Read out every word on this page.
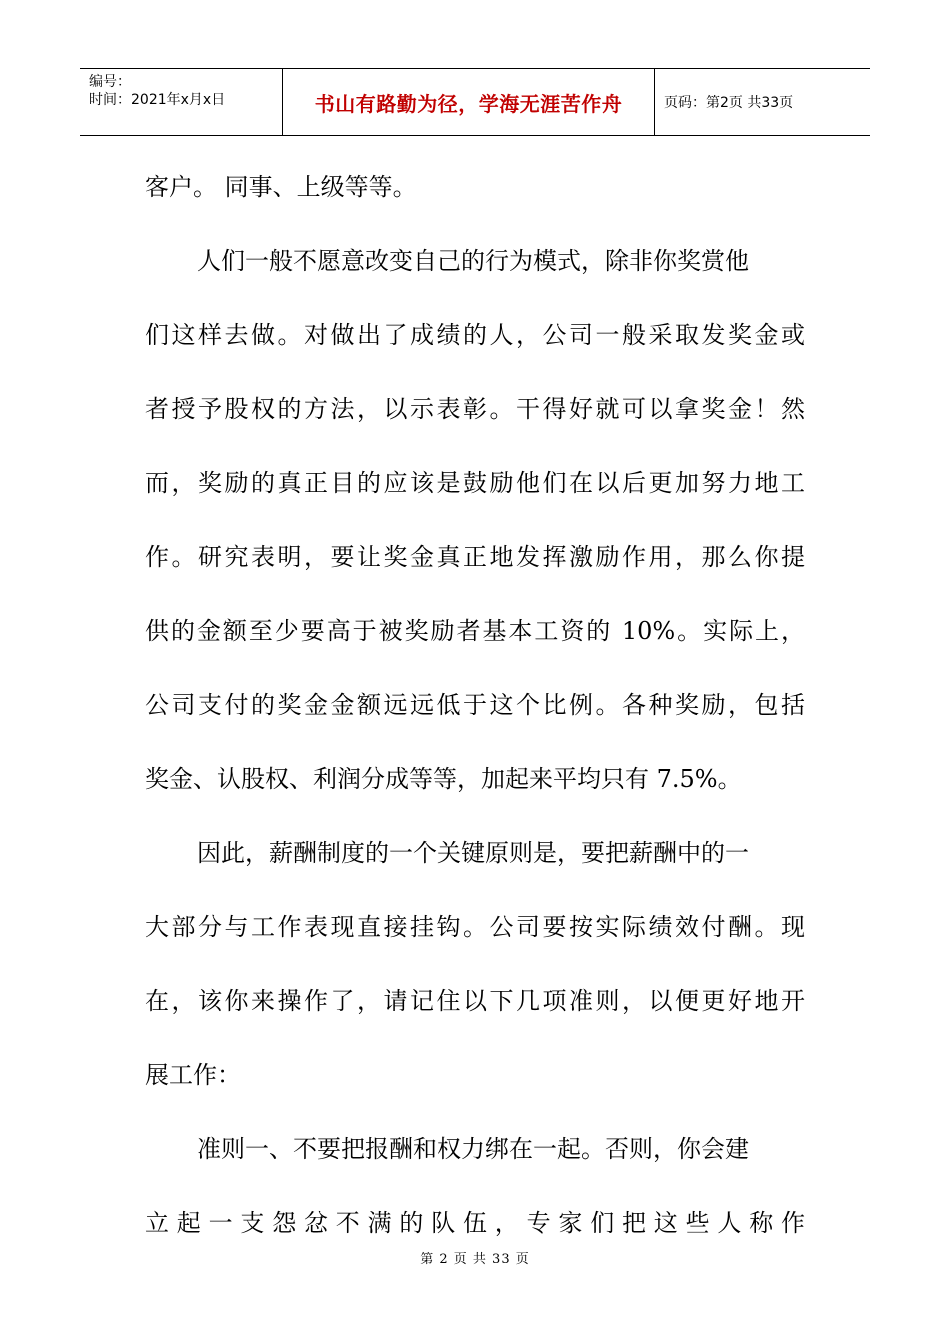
编号：
时间：2021年x月x日	书山有路勤为径，学海无涯苦作舟	页码：第2页 共33页
客户。 同事、上级等等。
人们一般不愿意改变自己的行为模式，除非你奖赏他
们这样去做。对做出了成绩的人，公司一般采取发奖金或
者授予股权的方法，以示表彰。干得好就可以拿奖金！然
而，奖励的真正目的应该是鼓励他们在以后更加努力地工
作。研究表明，要让奖金真正地发挥激励作用，那么你提
供的金额至少要高于被奖励者基本工资的 10%。实际上，
公司支付的奖金金额远远低于这个比例。各种奖励，包括
奖金、认股权、利润分成等等，加起来平均只有 7.5%。
因此，薪酬制度的一个关键原则是，要把薪酬中的一
大部分与工作表现直接挂钩。公司要按实际绩效付酬。现
在，该你来操作了，请记住以下几项准则，以便更好地开
展工作：
准则一、不要把报酬和权力绑在一起。否则，你会建
立起一支怨忿不满的队伍，专家们把这些人称作
第 2 页 共 33 页
